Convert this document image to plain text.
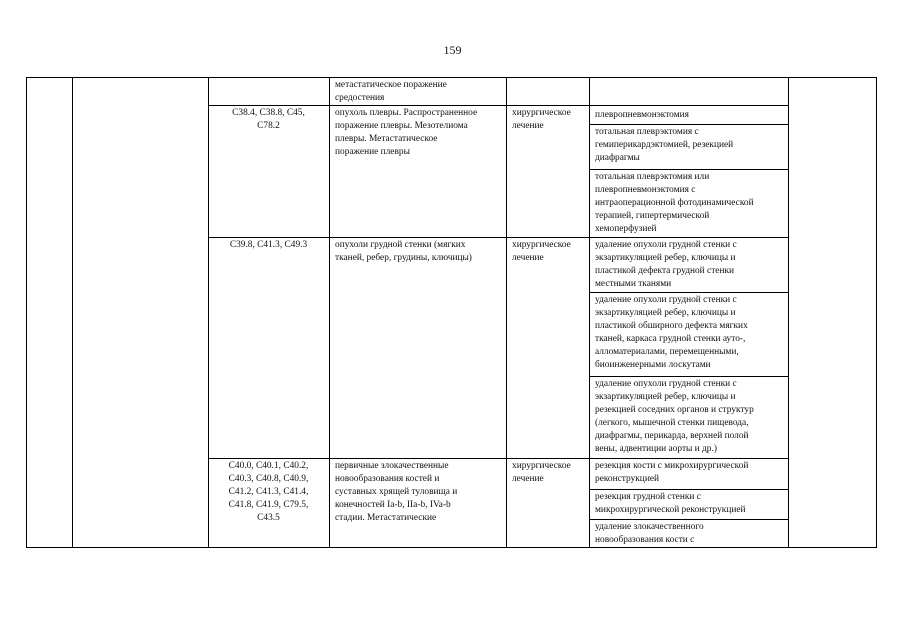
159
метастатическое поражение
средостения
C38.4, C38.8, C45,
C78.2
опухоль плевры. Распространенное
поражение плевры. Мезотелиома
плевры. Метастатическое
поражение плевры
хирургическое
лечение
плевропневмонэктомия
тотальная плеврэктомия с
гемиперикардэктомией, резекцией
диафрагмы
тотальная плеврэктомия или
плевропневмонэктомия с
интраоперационной фотодинамической
терапией, гипертермической
хемоперфузией
C39.8, C41.3, C49.3	опухоли грудной стенки (мягких
тканей, ребер, грудины, ключицы)
хирургическое
лечение
удаление опухоли грудной стенки с
экзартикуляцией ребер, ключицы и
пластикой дефекта грудной стенки
местными тканями
удаление опухоли грудной стенки с
экзартикуляцией ребер, ключицы и
пластикой обширного дефекта мягких
тканей, каркаса грудной стенки ауто-,
алломатериалами, перемещенными,
биоинженерными лоскутами
удаление опухоли грудной стенки с
экзартикуляцией ребер, ключицы и
резекцией соседних органов и структур
(легкого, мышечной стенки пищевода,
диафрагмы, перикарда, верхней полой
вены, адвентиции аорты и др.)
C40.0, C40.1, C40.2,
C40.3, C40.8, C40.9,
C41.2, C41.3, C41.4,
C41.8, C41.9, C79.5,
C43.5
первичные злокачественные
новообразования костей и
суставных хрящей туловища и
конечностей Ia-b, IIa-b, IVa-b
стадии. Метастатические
хирургическое
лечение
резекция кости с микрохирургической
реконструкцией
резекция грудной стенки с
микрохирургической реконструкцией
удаление злокачественного
новообразования кости с
